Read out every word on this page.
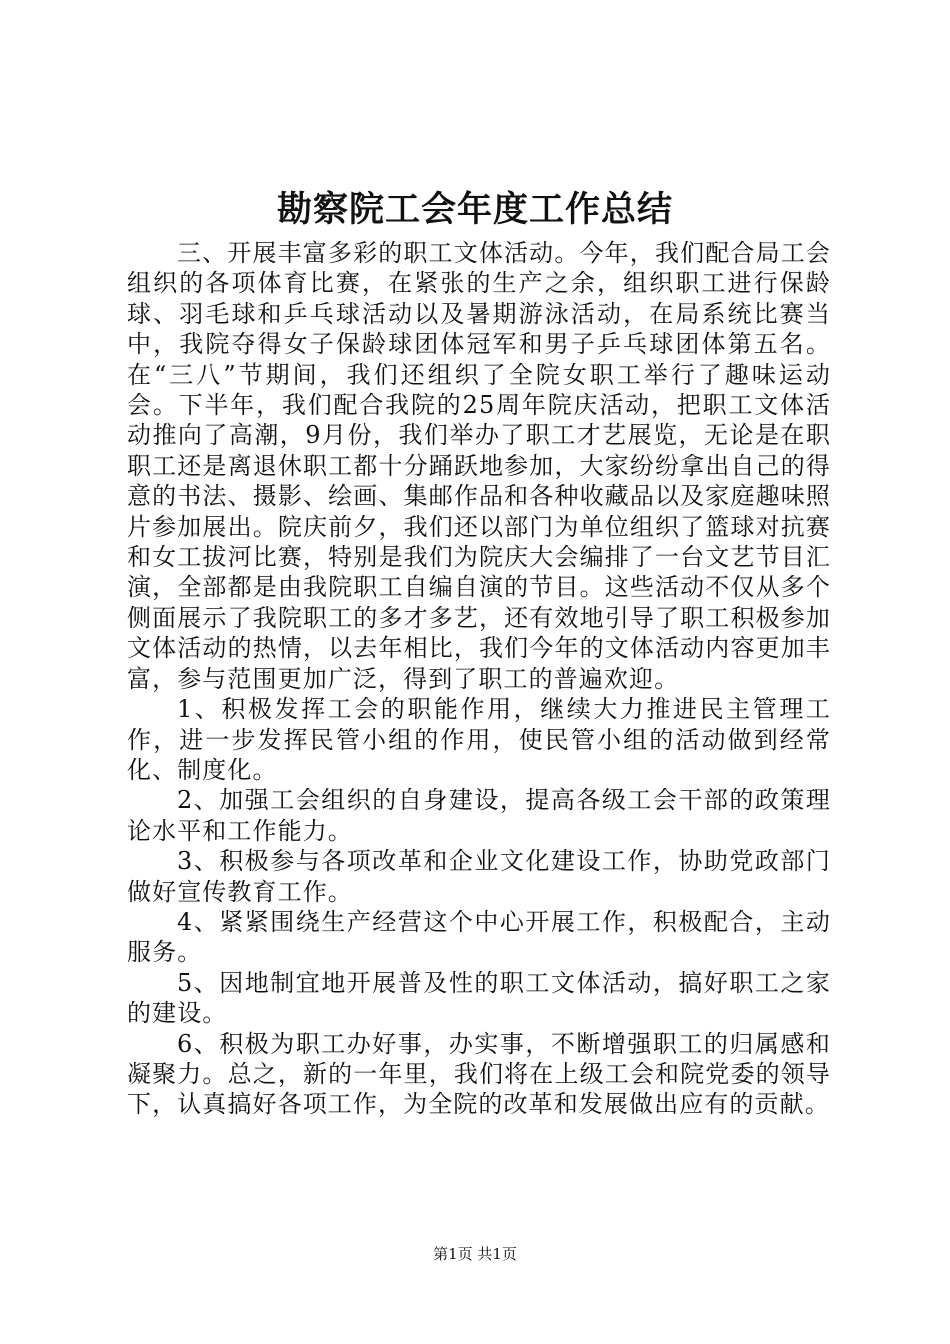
勘察院工会年度工作总结

三、开展丰富多彩的职工文体活动。今年，我们配合局工会组织的各项体育比赛，在紧张的生产之余，组织职工进行保龄球、羽毛球和乒乓球活动以及暑期游泳活动，在局系统比赛当中，我院夺得女子保龄球团体冠军和男子乒乓球团体第五名。在“三八”节期间，我们还组织了全院女职工举行了趣味运动会。下半年，我们配合我院的25周年院庆活动，把职工文体活动推向了高潮，9月份，我们举办了职工才艺展览，无论是在职职工还是离退休职工都十分踊跃地参加，大家纷纷拿出自己的得意的书法、摄影、绘画、集邮作品和各种收藏品以及家庭趣味照片参加展出。院庆前夕，我们还以部门为单位组织了篮球对抗赛和女工拔河比赛，特别是我们为院庆大会编排了一台文艺节目汇演，全部都是由我院职工自编自演的节目。这些活动不仅从多个侧面展示了我院职工的多才多艺，还有效地引导了职工积极参加文体活动的热情，以去年相比，我们今年的文体活动内容更加丰富，参与范围更加广泛，得到了职工的普遍欢迎。

1、积极发挥工会的职能作用，继续大力推进民主管理工作，进一步发挥民管小组的作用，使民管小组的活动做到经常化、制度化。

2、加强工会组织的自身建设，提高各级工会干部的政策理论水平和工作能力。

3、积极参与各项改革和企业文化建设工作，协助党政部门做好宣传教育工作。

4、紧紧围绕生产经营这个中心开展工作，积极配合，主动服务。

5、因地制宜地开展普及性的职工文体活动，搞好职工之家的建设。

6、积极为职工办好事，办实事，不断增强职工的归属感和凝聚力。总之，新的一年里，我们将在上级工会和院党委的领导下，认真搞好各项工作，为全院的改革和发展做出应有的贡献。

第1页 共1页
